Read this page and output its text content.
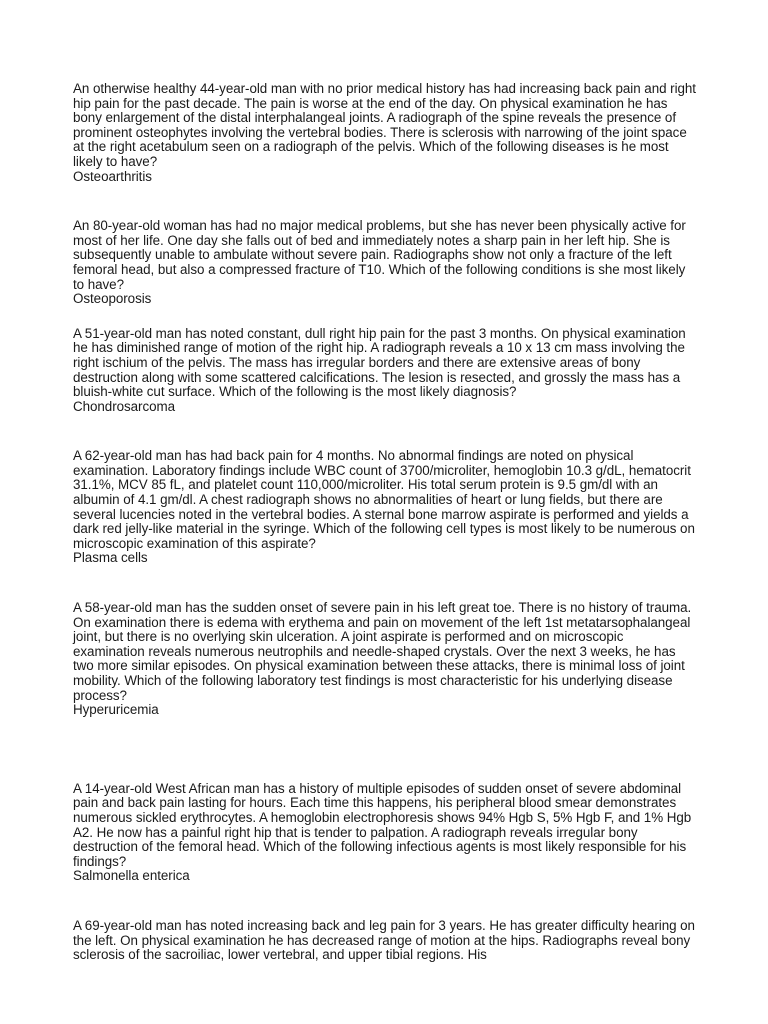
An otherwise healthy 44-year-old man with no prior medical history has had increasing back pain and right hip pain for the past decade. The pain is worse at the end of the day. On physical examination he has bony enlargement of the distal interphalangeal joints. A radiograph of the spine reveals the presence of prominent osteophytes involving the vertebral bodies. There is sclerosis with narrowing of the joint space at the right acetabulum seen on a radiograph of the pelvis. Which of the following diseases is he most likely to have?

Osteoarthritis

An 80-year-old woman has had no major medical problems, but she has never been physically active for most of her life. One day she falls out of bed and immediately notes a sharp pain in her left hip. She is subsequently unable to ambulate without severe pain. Radiographs show not only a fracture of the left femoral head, but also a compressed fracture of T10. Which of the following conditions is she most likely to have?

Osteoporosis

A 51-year-old man has noted constant, dull right hip pain for the past 3 months. On physical examination he has diminished range of motion of the right hip. A radiograph reveals a 10 x 13 cm mass involving the right ischium of the pelvis. The mass has irregular borders and there are extensive areas of bony destruction along with some scattered calcifications. The lesion is resected, and grossly the mass has a bluish-white cut surface. Which of the following is the most likely diagnosis?

Chondrosarcoma

A 62-year-old man has had back pain for 4 months. No abnormal findings are noted on physical examination. Laboratory findings include WBC count of 3700/microliter, hemoglobin 10.3 g/dL, hematocrit 31.1%, MCV 85 fL, and platelet count 110,000/microliter. His total serum protein is 9.5 gm/dl with an albumin of 4.1 gm/dl. A chest radiograph shows no abnormalities of heart or lung fields, but there are several lucencies noted in the vertebral bodies. A sternal bone marrow aspirate is performed and yields a dark red jelly-like material in the syringe. Which of the following cell types is most likely to be numerous on microscopic examination of this aspirate?

Plasma cells

A 58-year-old man has the sudden onset of severe pain in his left great toe. There is no history of trauma. On examination there is edema with erythema and pain on movement of the left 1st metatarsophalangeal joint, but there is no overlying skin ulceration. A joint aspirate is performed and on microscopic examination reveals numerous neutrophils and needle-shaped crystals. Over the next 3 weeks, he has two more similar episodes. On physical examination between these attacks, there is minimal loss of joint mobility. Which of the following laboratory test findings is most characteristic for his underlying disease process?

Hyperuricemia

A 14-year-old West African man has a history of multiple episodes of sudden onset of severe abdominal pain and back pain lasting for hours. Each time this happens, his peripheral blood smear demonstrates numerous sickled erythrocytes. A hemoglobin electrophoresis shows 94% Hgb S, 5% Hgb F, and 1% Hgb A2. He now has a painful right hip that is tender to palpation. A radiograph reveals irregular bony destruction of the femoral head. Which of the following infectious agents is most likely responsible for his findings?

Salmonella enterica

A 69-year-old man has noted increasing back and leg pain for 3 years. He has greater difficulty hearing on the left. On physical examination he has decreased range of motion at the hips. Radiographs reveal bony sclerosis of the sacroiliac, lower vertebral, and upper tibial regions. His
